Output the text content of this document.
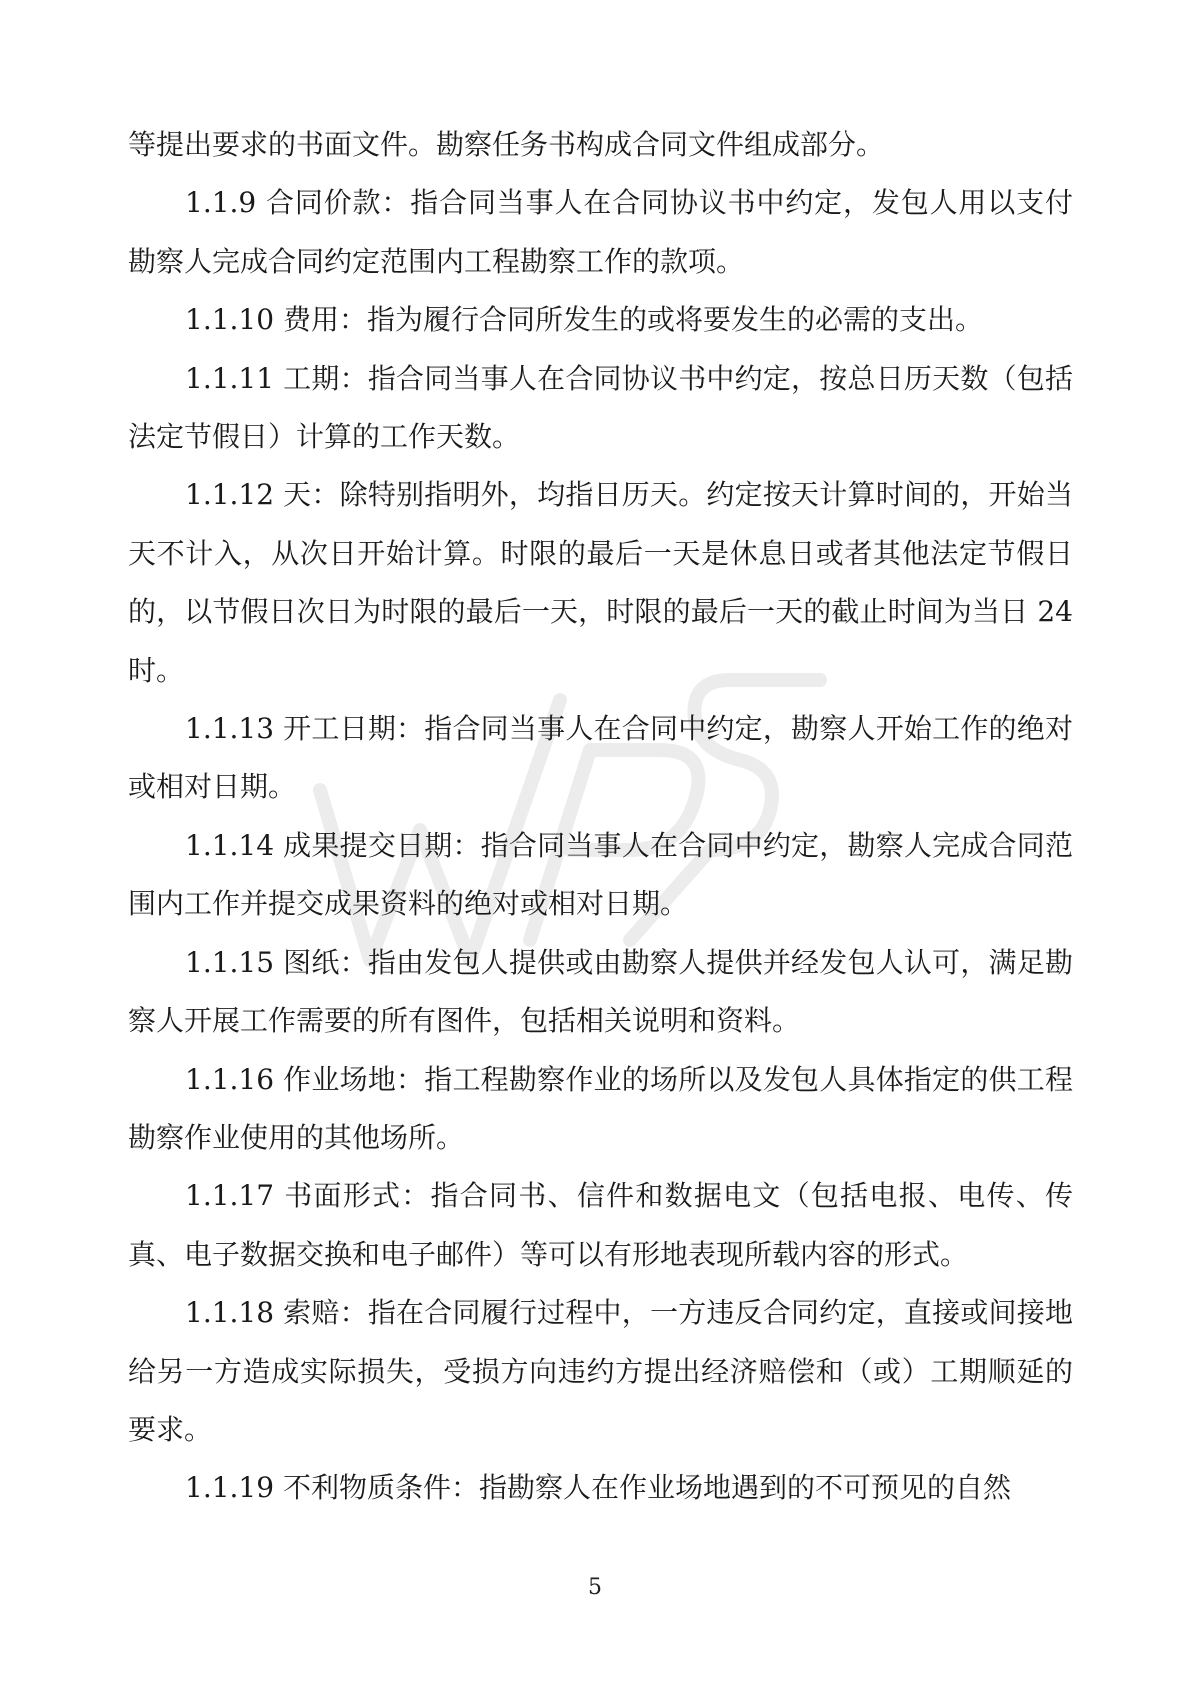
等提出要求的书面文件。勘察任务书构成合同文件组成部分。

1.1.9 合同价款：指合同当事人在合同协议书中约定，发包人用以支付勘察人完成合同约定范围内工程勘察工作的款项。

1.1.10 费用：指为履行合同所发生的或将要发生的必需的支出。

1.1.11 工期：指合同当事人在合同协议书中约定，按总日历天数（包括法定节假日）计算的工作天数。

1.1.12 天：除特别指明外，均指日历天。约定按天计算时间的，开始当天不计入，从次日开始计算。时限的最后一天是休息日或者其他法定节假日的，以节假日次日为时限的最后一天，时限的最后一天的截止时间为当日 24 时。

1.1.13 开工日期：指合同当事人在合同中约定，勘察人开始工作的绝对或相对日期。

1.1.14 成果提交日期：指合同当事人在合同中约定，勘察人完成合同范围内工作并提交成果资料的绝对或相对日期。

1.1.15 图纸：指由发包人提供或由勘察人提供并经发包人认可，满足勘察人开展工作需要的所有图件，包括相关说明和资料。

1.1.16 作业场地：指工程勘察作业的场所以及发包人具体指定的供工程勘察作业使用的其他场所。

1.1.17 书面形式：指合同书、信件和数据电文（包括电报、电传、传真、电子数据交换和电子邮件）等可以有形地表现所载内容的形式。

1.1.18 索赔：指在合同履行过程中，一方违反合同约定，直接或间接地给另一方造成实际损失，受损方向违约方提出经济赔偿和（或）工期顺延的要求。

1.1.19 不利物质条件：指勘察人在作业场地遇到的不可预见的自然

5
